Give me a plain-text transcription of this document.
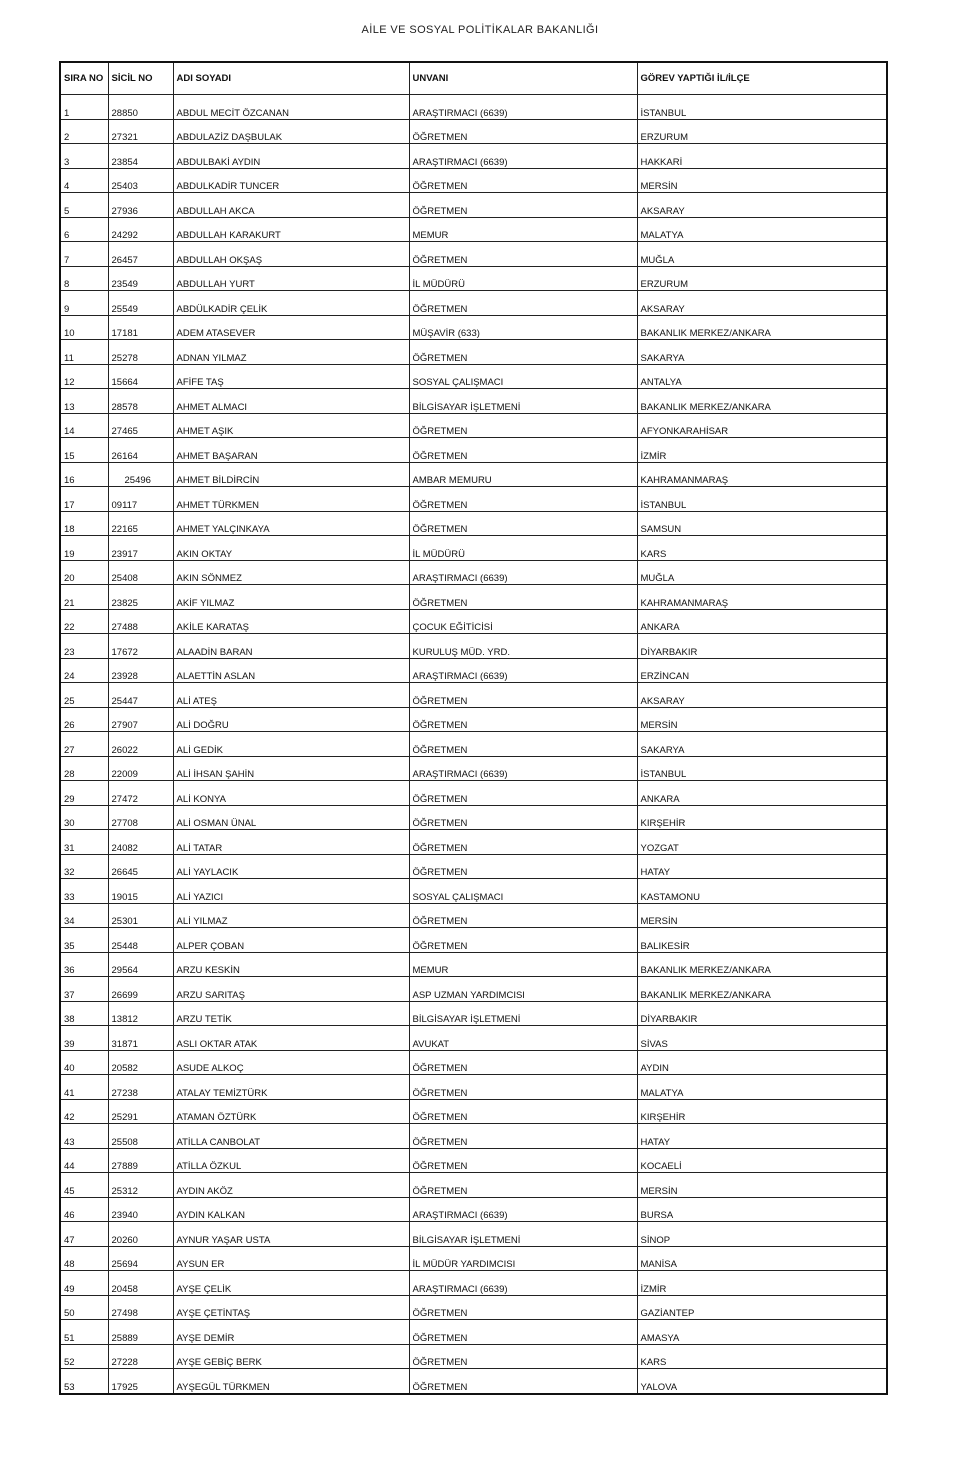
AİLE VE SOSYAL POLİTİKALAR BAKANLIĞI
SIRA NO	SİCİL NO	ADI SOYADI	UNVANI	GÖREV YAPTIĞI İL/İLÇE
1	28850	ABDUL MECİT ÖZCANAN	ARAŞTIRMACI (6639)	İSTANBUL
2	27321	ABDULAZİZ DAŞBULAK	ÖĞRETMEN	ERZURUM
3	23854	ABDULBAKİ AYDIN	ARAŞTIRMACI (6639)	HAKKARİ
4	25403	ABDULKADİR TUNCER	ÖĞRETMEN	MERSİN
5	27936	ABDULLAH AKCA	ÖĞRETMEN	AKSARAY
6	24292	ABDULLAH KARAKURT	MEMUR	MALATYA
7	26457	ABDULLAH OKŞAŞ	ÖĞRETMEN	MUĞLA
8	23549	ABDULLAH YURT	İL MÜDÜRÜ	ERZURUM
9	25549	ABDÜLKADİR ÇELİK	ÖĞRETMEN	AKSARAY
10	17181	ADEM ATASEVER	MÜŞAVİR (633)	BAKANLIK MERKEZ/ANKARA
11	25278	ADNAN YILMAZ	ÖĞRETMEN	SAKARYA
12	15664	AFİFE TAŞ	SOSYAL ÇALIŞMACI	ANTALYA
13	28578	AHMET ALMACI	BİLGİSAYAR İŞLETMENİ	BAKANLIK MERKEZ/ANKARA
14	27465	AHMET AŞIK	ÖĞRETMEN	AFYONKARAHİSAR
15	26164	AHMET BAŞARAN	ÖĞRETMEN	İZMİR
16	25496	AHMET BİLDİRCİN	AMBAR MEMURU	KAHRAMANMARAŞ
17	09117	AHMET TÜRKMEN	ÖĞRETMEN	İSTANBUL
18	22165	AHMET YALÇINKAYA	ÖĞRETMEN	SAMSUN
19	23917	AKIN OKTAY	İL MÜDÜRÜ	KARS
20	25408	AKIN SÖNMEZ	ARAŞTIRMACI (6639)	MUĞLA
21	23825	AKİF YILMAZ	ÖĞRETMEN	KAHRAMANMARAŞ
22	27488	AKİLE KARATAŞ	ÇOCUK EĞİTİCİSİ	ANKARA
23	17672	ALAADİN BARAN	KURULUŞ MÜD. YRD.	DİYARBAKIR
24	23928	ALAETTİN ASLAN	ARAŞTIRMACI (6639)	ERZİNCAN
25	25447	ALİ ATEŞ	ÖĞRETMEN	AKSARAY
26	27907	ALİ DOĞRU	ÖĞRETMEN	MERSİN
27	26022	ALİ GEDİK	ÖĞRETMEN	SAKARYA
28	22009	ALİ İHSAN ŞAHİN	ARAŞTIRMACI (6639)	İSTANBUL
29	27472	ALİ KONYA	ÖĞRETMEN	ANKARA
30	27708	ALİ OSMAN ÜNAL	ÖĞRETMEN	KIRŞEHİR
31	24082	ALİ TATAR	ÖĞRETMEN	YOZGAT
32	26645	ALİ YAYLACIK	ÖĞRETMEN	HATAY
33	19015	ALİ YAZICI	SOSYAL ÇALIŞMACI	KASTAMONU
34	25301	ALİ YILMAZ	ÖĞRETMEN	MERSİN
35	25448	ALPER ÇOBAN	ÖĞRETMEN	BALIKESİR
36	29564	ARZU KESKİN	MEMUR	BAKANLIK MERKEZ/ANKARA
37	26699	ARZU SARITAŞ	ASP UZMAN YARDIMCISI	BAKANLIK MERKEZ/ANKARA
38	13812	ARZU TETİK	BİLGİSAYAR İŞLETMENİ	DİYARBAKIR
39	31871	ASLI OKTAR ATAK	AVUKAT	SİVAS
40	20582	ASUDE ALKOÇ	ÖĞRETMEN	AYDIN
41	27238	ATALAY TEMİZTÜRK	ÖĞRETMEN	MALATYA
42	25291	ATAMAN ÖZTÜRK	ÖĞRETMEN	KIRŞEHİR
43	25508	ATİLLA CANBOLAT	ÖĞRETMEN	HATAY
44	27889	ATİLLA ÖZKUL	ÖĞRETMEN	KOCAELİ
45	25312	AYDIN AKÖZ	ÖĞRETMEN	MERSİN
46	23940	AYDIN KALKAN	ARAŞTIRMACI (6639)	BURSA
47	20260	AYNUR YAŞAR USTA	BİLGİSAYAR İŞLETMENİ	SİNOP
48	25694	AYSUN ER	İL MÜDÜR YARDIMCISI	MANİSA
49	20458	AYŞE ÇELİK	ARAŞTIRMACI (6639)	İZMİR
50	27498	AYŞE ÇETİNTAŞ	ÖĞRETMEN	GAZİANTEP
51	25889	AYŞE DEMİR	ÖĞRETMEN	AMASYA
52	27228	AYŞE GEBİÇ BERK	ÖĞRETMEN	KARS
53	17925	AYŞEGÜL TÜRKMEN	ÖĞRETMEN	YALOVA
